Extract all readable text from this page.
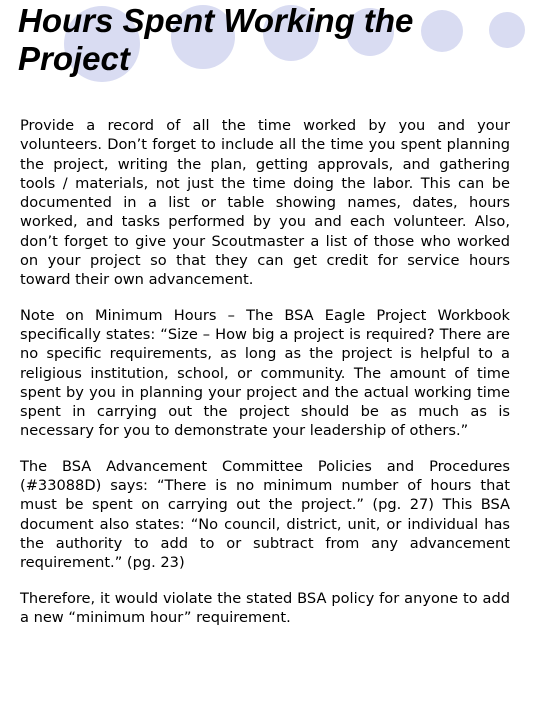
Hours Spent Working the Project

Provide a record of all the time worked by you and your volunteers. Don’t forget to include all the time you spent planning the project, writing the plan, getting approvals, and gathering tools / materials, not just the time doing the labor. This can be documented in a list or table showing names, dates, hours worked, and tasks performed by you and each volunteer. Also, don’t forget to give your Scoutmaster a list of those who worked on your project so that they can get credit for service hours toward their own advancement.

Note on Minimum Hours – The BSA Eagle Project Workbook specifically states: “Size – How big a project is required? There are no specific requirements, as long as the project is helpful to a religious institution, school, or community. The amount of time spent by you in planning your project and the actual working time spent in carrying out the project should be as much as is necessary for you to demonstrate your leadership of others.”

The BSA Advancement Committee Policies and Procedures (#33088D) says: “There is no minimum number of hours that must be spent on carrying out the project.” (pg. 27) This BSA document also states: “No council, district, unit, or individual has the authority to add to or subtract from any advancement requirement.” (pg. 23)

Therefore, it would violate the stated BSA policy for anyone to add a new “minimum hour” requirement.
